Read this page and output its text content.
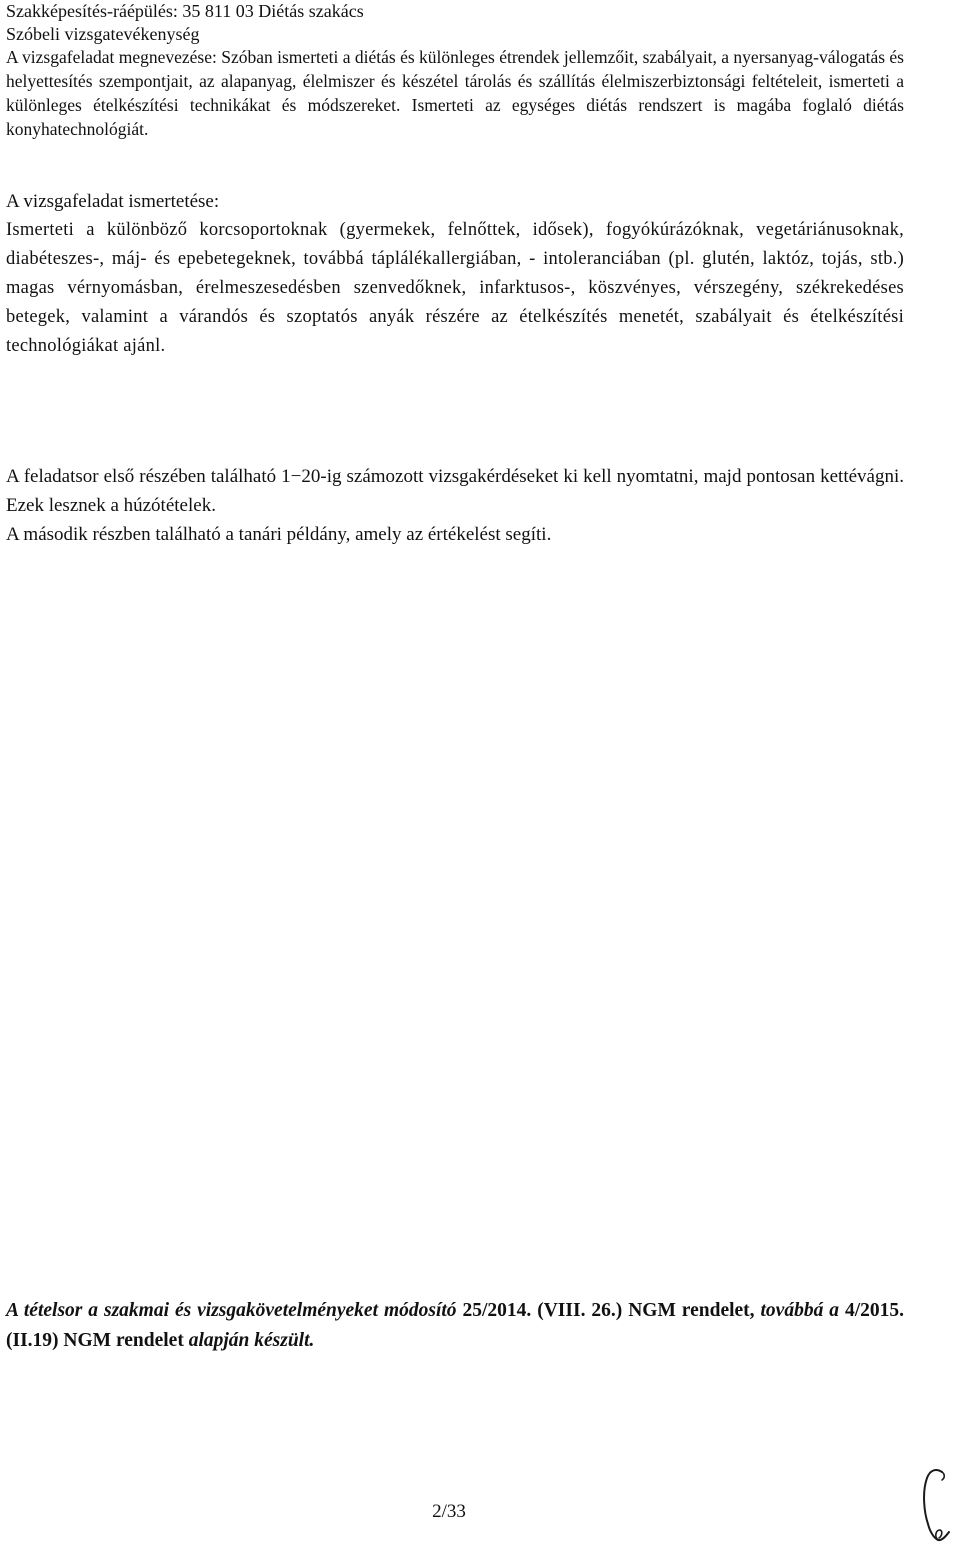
Szakképesítés-ráépülés: 35 811 03 Diétás szakács
Szóbeli vizsgatevékenység
A vizsgafeladat megnevezése: Szóban ismerteti a diétás és különleges étrendek jellemzőit, szabályait, a nyersanyag-válogatás és helyettesítés szempontjait, az alapanyag, élelmiszer és készétel tárolás és szállítás élelmiszerbiztonsági feltételeit, ismerteti a különleges ételkészítési technikákat és módszereket. Ismerteti az egységes diétás rendszert is magába foglaló diétás konyhatechnológiát.
A vizsgafeladat ismertetése:
Ismerteti a különböző korcsoportoknak (gyermekek, felnőttek, idősek), fogyókúrázóknak, vegetáriánusoknak, diabéteszes-, máj- és epebetegeknek, továbbá táplálékallergiában, - intoleranciában (pl. glutén, laktóz, tojás, stb.) magas vérnyomásban, érelmeszesedésben szenvedőknek, infarktusos-, köszvényes, vérszegény, székrekedéses betegek, valamint a várandós és szoptatós anyák részére az ételkészítés menetét, szabályait és ételkészítési technológiákat ajánl.
A feladatsor első részében található 1−20-ig számozott vizsgakérdéseket ki kell nyomtatni, majd pontosan kettévágni. Ezek lesznek a húzótételek.
A második részben található a tanári példány, amely az értékelést segíti.
A tételsor a szakmai és vizsgakövetelményeket módosító 25/2014. (VIII. 26.) NGM rendelet, továbbá a 4/2015. (II.19) NGM rendelet alapján készült.
2/33
